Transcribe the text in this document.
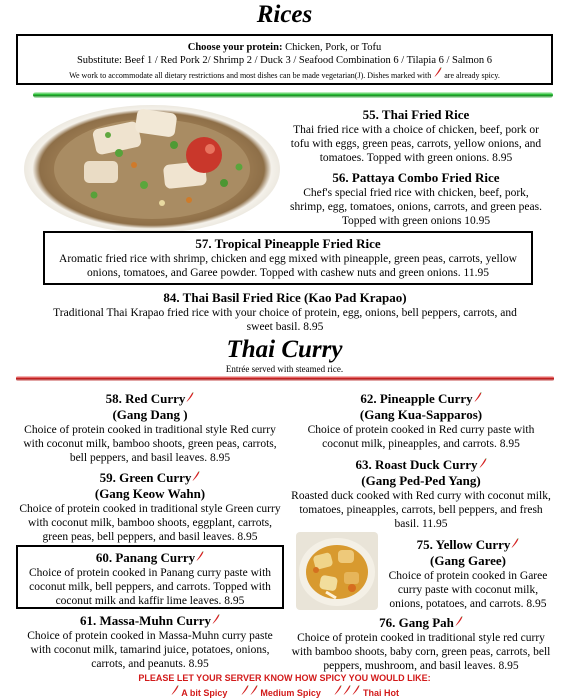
Rices
Choose your protein: Chicken, Pork, or Tofu
Substitute: Beef 1 / Red Pork 2/ Shrimp 2 / Duck 3 / Seafood Combination 6 / Tilapia 6 / Salmon 6
We work to accommodate all dietary restrictions and most dishes can be made vegetarian(J). Dishes marked with are already spicy.
55. Thai Fried Rice
Thai fried rice with a choice of chicken, beef, pork or tofu with eggs, green peas, carrots, yellow onions, and tomatoes. Topped with green onions. 8.95
56. Pattaya Combo Fried Rice
Chef's special fried rice with chicken, beef, pork, shrimp, egg, tomatoes, onions, carrots, and green peas. Topped with green onions 10.95
57. Tropical Pineapple Fried Rice
Aromatic fried rice with shrimp, chicken and egg mixed with pineapple, green peas, carrots, yellow onions, tomatoes, and Garee powder. Topped with cashew nuts and green onions. 11.95
84. Thai Basil Fried Rice (Kao Pad Krapao)
Traditional Thai Krapao fried rice with your choice of protein, egg, onions, bell peppers, carrots, and sweet basil. 8.95
Thai Curry
Entrée served with steamed rice.
58. Red Curry
(Gang Dang )
Choice of protein cooked in traditional style Red curry with coconut milk, bamboo shoots, green peas, carrots, bell peppers, and basil leaves. 8.95
59. Green Curry
(Gang Keow Wahn)
Choice of protein cooked in traditional style Green curry with coconut milk, bamboo shoots, eggplant, carrots, green peas, bell peppers, and basil leaves. 8.95
60. Panang Curry
Choice of protein cooked in Panang curry paste with coconut milk, bell peppers, and carrots. Topped with coconut milk and kaffir lime leaves. 8.95
61. Massa-Muhn Curry
Choice of protein cooked in Massa-Muhn curry paste with coconut milk, tamarind juice, potatoes, onions, carrots, and peanuts. 8.95
62. Pineapple Curry
(Gang Kua-Sapparos)
Choice of protein cooked in Red curry paste with coconut milk, pineapples, and carrots. 8.95
63. Roast Duck Curry
(Gang Ped-Ped Yang)
Roasted duck cooked with Red curry with coconut milk, tomatoes, pineapples, carrots, bell peppers, and fresh basil. 11.95
75. Yellow Curry
(Gang Garee)
Choice of protein cooked in Garee curry paste with coconut milk, onions, potatoes, and carrots. 8.95
76. Gang Pah
Choice of protein cooked in traditional style red curry with bamboo shoots, baby corn, green peas, carrots, bell peppers, mushroom, and basil leaves. 8.95
PLEASE LET YOUR SERVER KNOW HOW SPICY YOU WOULD LIKE:
A bit Spicy	Medium Spicy	Thai Hot
